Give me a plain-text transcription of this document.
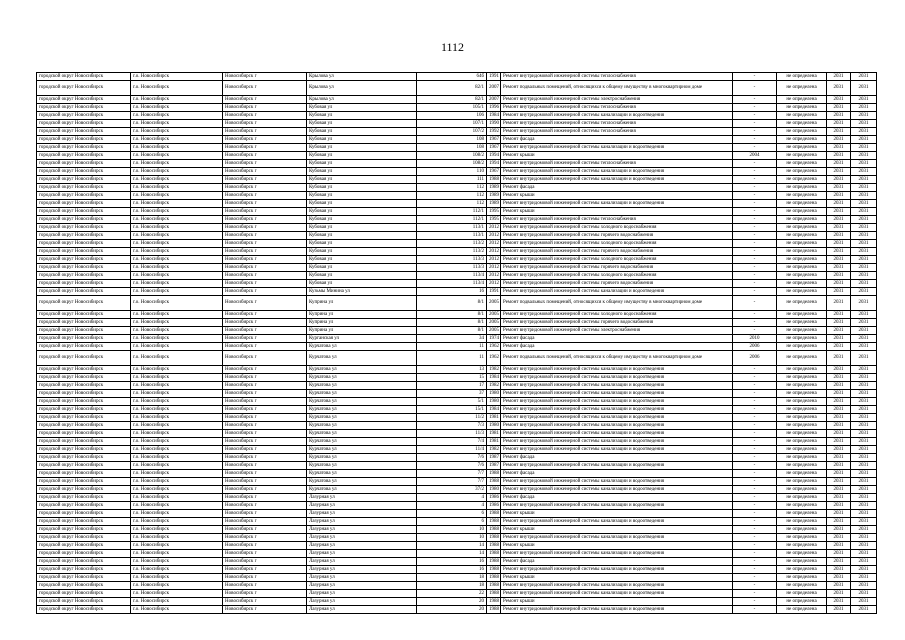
1112
городской округ Новосибирск	г.о. Новосибирск	Новосибирск г	Крылова ул	64б	1991	Ремонт внутридомовой инженерной системы теплоснабжения	-	не определена	2031	2031
городской округ Новосибирск	г.о. Новосибирск	Новосибирск г	Крылова ул	82/1	2007	Ремонт подвальных помещений, относящихся к общему имуществу в многоквартирном доме	-	не определена	2031	2031
городской округ Новосибирск	г.о. Новосибирск	Новосибирск г	Крылова ул	82/1	2007	Ремонт внутридомовой инженерной системы электроснабжения	-	не определена	2031	2031
городской округ Новосибирск	г.о. Новосибирск	Новосибирск г	Кубовая ул	105/1	1996	Ремонт внутридомовой инженерной системы теплоснабжения	-	не определена	2031	2031
городской округ Новосибирск	г.о. Новосибирск	Новосибирск г	Кубовая ул	106	1984	Ремонт внутридомовой инженерной системы канализации и водоотведения	-	не определена	2031	2031
городской округ Новосибирск	г.о. Новосибирск	Новосибирск г	Кубовая ул	107/1	1990	Ремонт внутридомовой инженерной системы теплоснабжения	-	не определена	2031	2031
городской округ Новосибирск	г.о. Новосибирск	Новосибирск г	Кубовая ул	107/2	1992	Ремонт внутридомовой инженерной системы теплоснабжения	-	не определена	2031	2031
городской округ Новосибирск	г.о. Новосибирск	Новосибирск г	Кубовая ул	108	1967	Ремонт фасада	-	не определена	2031	2031
городской округ Новосибирск	г.о. Новосибирск	Новосибирск г	Кубовая ул	108	1967	Ремонт внутридомовой инженерной системы канализации и водоотведения	-	не определена	2031	2031
городской округ Новосибирск	г.о. Новосибирск	Новосибирск г	Кубовая ул	108/2	1994	Ремонт крыши	2004	не определена	2031	2031
городской округ Новосибирск	г.о. Новосибирск	Новосибирск г	Кубовая ул	108/2	1994	Ремонт внутридомовой инженерной системы теплоснабжения	-	не определена	2031	2031
городской округ Новосибирск	г.о. Новосибирск	Новосибирск г	Кубовая ул	110	1967	Ремонт внутридомовой инженерной системы канализации и водоотведения	-	не определена	2031	2031
городской округ Новосибирск	г.о. Новосибирск	Новосибирск г	Кубовая ул	111	1988	Ремонт внутридомовой инженерной системы канализации и водоотведения	-	не определена	2031	2031
городской округ Новосибирск	г.о. Новосибирск	Новосибирск г	Кубовая ул	112	1989	Ремонт фасада	-	не определена	2031	2031
городской округ Новосибирск	г.о. Новосибирск	Новосибирск г	Кубовая ул	112	1989	Ремонт крыши	-	не определена	2031	2031
городской округ Новосибирск	г.о. Новосибирск	Новосибирск г	Кубовая ул	112	1989	Ремонт внутридомовой инженерной системы канализации и водоотведения	-	не определена	2031	2031
городской округ Новосибирск	г.о. Новосибирск	Новосибирск г	Кубовая ул	112/1	1995	Ремонт крыши	-	не определена	2031	2031
городской округ Новосибирск	г.о. Новосибирск	Новосибирск г	Кубовая ул	112/1	1995	Ремонт внутридомовой инженерной системы теплоснабжения	-	не определена	2031	2031
городской округ Новосибирск	г.о. Новосибирск	Новосибирск г	Кубовая ул	113/1	2012	Ремонт внутридомовой инженерной системы холодного водоснабжения	-	не определена	2031	2031
городской округ Новосибирск	г.о. Новосибирск	Новосибирск г	Кубовая ул	113/1	2012	Ремонт внутридомовой инженерной системы горячего водоснабжения	-	не определена	2031	2031
городской округ Новосибирск	г.о. Новосибирск	Новосибирск г	Кубовая ул	113/2	2012	Ремонт внутридомовой инженерной системы холодного водоснабжения	-	не определена	2031	2031
городской округ Новосибирск	г.о. Новосибирск	Новосибирск г	Кубовая ул	113/2	2012	Ремонт внутридомовой инженерной системы горячего водоснабжения	-	не определена	2031	2031
городской округ Новосибирск	г.о. Новосибирск	Новосибирск г	Кубовая ул	113/3	2012	Ремонт внутридомовой инженерной системы холодного водоснабжения	-	не определена	2031	2031
городской округ Новосибирск	г.о. Новосибирск	Новосибирск г	Кубовая ул	113/3	2012	Ремонт внутридомовой инженерной системы горячего водоснабжения	-	не определена	2031	2031
городской округ Новосибирск	г.о. Новосибирск	Новосибирск г	Кубовая ул	113/4	2012	Ремонт внутридомовой инженерной системы холодного водоснабжения	-	не определена	2031	2031
городской округ Новосибирск	г.о. Новосибирск	Новосибирск г	Кубовая ул	113/4	2012	Ремонт внутридомовой инженерной системы горячего водоснабжения	-	не определена	2031	2031
городской округ Новосибирск	г.о. Новосибирск	Новосибирск г	Кузьмы Минина ул	16	1991	Ремонт внутридомовой инженерной системы канализации и водоотведения	-	не определена	2031	2031
городской округ Новосибирск	г.о. Новосибирск	Новосибирск г	Куприна ул	8/1	2005	Ремонт подвальных помещений, относящихся к общему имуществу в многоквартирном доме	-	не определена	2031	2031
городской округ Новосибирск	г.о. Новосибирск	Новосибирск г	Куприна ул	8/1	2005	Ремонт внутридомовой инженерной системы холодного водоснабжения	-	не определена	2031	2031
городской округ Новосибирск	г.о. Новосибирск	Новосибирск г	Куприна ул	8/1	2005	Ремонт внутридомовой инженерной системы горячего водоснабжения	-	не определена	2031	2031
городской округ Новосибирск	г.о. Новосибирск	Новосибирск г	Куприна ул	8/1	2005	Ремонт внутридомовой инженерной системы электроснабжения	-	не определена	2031	2031
городской округ Новосибирск	г.о. Новосибирск	Новосибирск г	Курганская ул	34	1974	Ремонт фасада	2010	не определена	2031	2031
городской округ Новосибирск	г.о. Новосибирск	Новосибирск г	Курчатова ул	11	1962	Ремонт фасада	2006	не определена	2031	2031
городской округ Новосибирск	г.о. Новосибирск	Новосибирск г	Курчатова ул	11	1962	Ремонт подвальных помещений, относящихся к общему имуществу в многоквартирном доме	2006	не определена	2031	2031
городской округ Новосибирск	г.о. Новосибирск	Новосибирск г	Курчатова ул	13	1982	Ремонт внутридомовой инженерной системы канализации и водоотведения	-	не определена	2031	2031
городской округ Новосибирск	г.о. Новосибирск	Новосибирск г	Курчатова ул	15	1984	Ремонт внутридомовой инженерной системы канализации и водоотведения	-	не определена	2031	2031
городской округ Новосибирск	г.о. Новосибирск	Новосибирск г	Курчатова ул	17	1982	Ремонт внутридомовой инженерной системы канализации и водоотведения	-	не определена	2031	2031
городской округ Новосибирск	г.о. Новосибирск	Новосибирск г	Курчатова ул	37	1980	Ремонт внутридомовой инженерной системы канализации и водоотведения	-	не определена	2031	2031
городской округ Новосибирск	г.о. Новосибирск	Новосибирск г	Курчатова ул	5/1	1980	Ремонт внутридомовой инженерной системы канализации и водоотведения	-	не определена	2031	2031
городской округ Новосибирск	г.о. Новосибирск	Новосибирск г	Курчатова ул	15/1	1984	Ремонт внутридомовой инженерной системы канализации и водоотведения	-	не определена	2031	2031
городской округ Новосибирск	г.о. Новосибирск	Новосибирск г	Курчатова ул	11/2	1981	Ремонт внутридомовой инженерной системы канализации и водоотведения	-	не определена	2031	2031
городской округ Новосибирск	г.о. Новосибирск	Новосибирск г	Курчатова ул	7/3	1980	Ремонт внутридомовой инженерной системы канализации и водоотведения	-	не определена	2031	2031
городской округ Новосибирск	г.о. Новосибирск	Новосибирск г	Курчатова ул	11/3	1981	Ремонт внутридомовой инженерной системы канализации и водоотведения	-	не определена	2031	2031
городской округ Новосибирск	г.о. Новосибирск	Новосибирск г	Курчатова ул	7/4	1981	Ремонт внутридомовой инженерной системы канализации и водоотведения	-	не определена	2031	2031
городской округ Новосибирск	г.о. Новосибирск	Новосибирск г	Курчатова ул	11/4	1982	Ремонт внутридомовой инженерной системы канализации и водоотведения	-	не определена	2031	2031
городской округ Новосибирск	г.о. Новосибирск	Новосибирск г	Курчатова ул	7/6	1987	Ремонт фасада	-	не определена	2031	2031
городской округ Новосибирск	г.о. Новосибирск	Новосибирск г	Курчатова ул	7/6	1987	Ремонт внутридомовой инженерной системы канализации и водоотведения	-	не определена	2031	2031
городской округ Новосибирск	г.о. Новосибирск	Новосибирск г	Курчатова ул	7/7	1988	Ремонт фасада	-	не определена	2031	2031
городской округ Новосибирск	г.о. Новосибирск	Новосибирск г	Курчатова ул	7/7	1988	Ремонт внутридомовой инженерной системы канализации и водоотведения	-	не определена	2031	2031
городской округ Новосибирск	г.о. Новосибирск	Новосибирск г	Курчатова ул	37/2	1980	Ремонт внутридомовой инженерной системы канализации и водоотведения	-	не определена	2031	2031
городской округ Новосибирск	г.о. Новосибирск	Новосибирск г	Лазурная ул	4	1986	Ремонт фасада	-	не определена	2031	2031
городской округ Новосибирск	г.о. Новосибирск	Новосибирск г	Лазурная ул	4	1986	Ремонт внутридомовой инженерной системы канализации и водоотведения	-	не определена	2031	2031
городской округ Новосибирск	г.о. Новосибирск	Новосибирск г	Лазурная ул	6	1988	Ремонт крыши	-	не определена	2031	2031
городской округ Новосибирск	г.о. Новосибирск	Новосибирск г	Лазурная ул	6	1988	Ремонт внутридомовой инженерной системы канализации и водоотведения	-	не определена	2031	2031
городской округ Новосибирск	г.о. Новосибирск	Новосибирск г	Лазурная ул	10	1988	Ремонт крыши	-	не определена	2031	2031
городской округ Новосибирск	г.о. Новосибирск	Новосибирск г	Лазурная ул	10	1988	Ремонт внутридомовой инженерной системы канализации и водоотведения	-	не определена	2031	2031
городской округ Новосибирск	г.о. Новосибирск	Новосибирск г	Лазурная ул	14	1988	Ремонт крыши	-	не определена	2031	2031
городской округ Новосибирск	г.о. Новосибирск	Новосибирск г	Лазурная ул	14	1988	Ремонт внутридомовой инженерной системы канализации и водоотведения	-	не определена	2031	2031
городской округ Новосибирск	г.о. Новосибирск	Новосибирск г	Лазурная ул	16	1988	Ремонт фасада	-	не определена	2031	2031
городской округ Новосибирск	г.о. Новосибирск	Новосибирск г	Лазурная ул	16	1988	Ремонт внутридомовой инженерной системы канализации и водоотведения	-	не определена	2031	2031
городской округ Новосибирск	г.о. Новосибирск	Новосибирск г	Лазурная ул	18	1988	Ремонт крыши	-	не определена	2031	2031
городской округ Новосибирск	г.о. Новосибирск	Новосибирск г	Лазурная ул	18	1988	Ремонт внутридомовой инженерной системы канализации и водоотведения	-	не определена	2031	2031
городской округ Новосибирск	г.о. Новосибирск	Новосибирск г	Лазурная ул	22	1988	Ремонт внутридомовой инженерной системы канализации и водоотведения	-	не определена	2031	2031
городской округ Новосибирск	г.о. Новосибирск	Новосибирск г	Лазурная ул	20	1988	Ремонт крыши	-	не определена	2031	2031
городской округ Новосибирск	г.о. Новосибирск	Новосибирск г	Лазурная ул	20	1988	Ремонт внутридомовой инженерной системы канализации и водоотведения	-	не определена	2031	2031
